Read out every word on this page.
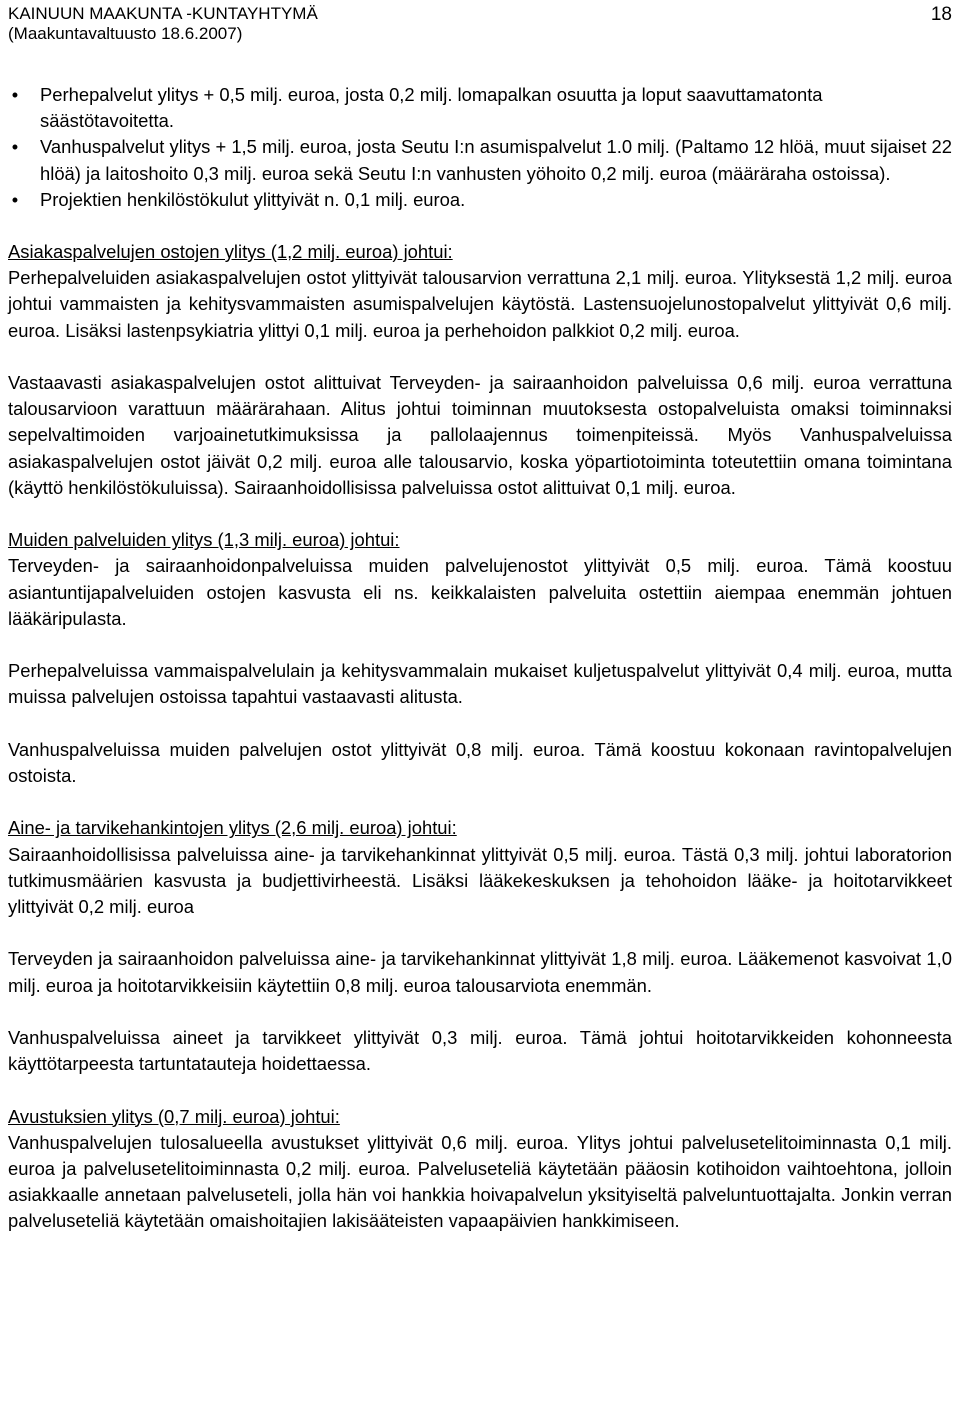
KAINUUN MAAKUNTA -KUNTAYHTYMÄ
(Maakuntavaltuusto 18.6.2007)
18
• Perhepalvelut ylitys + 0,5 milj. euroa, josta 0,2 milj. lomapalkan osuutta ja loput saavuttamatonta säästötavoitetta.
• Vanhuspalvelut ylitys + 1,5 milj. euroa, josta Seutu I:n asumispalvelut 1.0 milj. (Paltamo 12 hlöä, muut sijaiset 22 hlöä) ja laitoshoito 0,3 milj. euroa sekä Seutu I:n vanhusten yöhoito 0,2 milj. euroa (määräraha ostoissa).
• Projektien henkilöstökulut ylittyivät n. 0,1 milj. euroa.
Asiakaspalvelujen ostojen ylitys (1,2 milj. euroa) johtui:

Perhepalveluiden asiakaspalvelujen ostot ylittyivät talousarvion verrattuna 2,1 milj. euroa. Ylityksestä 1,2 milj. euroa johtui vammaisten ja kehitysvammaisten asumispalvelujen käytöstä. Lastensuojelunostopalvelut ylittyivät 0,6 milj. euroa. Lisäksi lastenpsykiatria ylittyi 0,1 milj. euroa ja perhehoidon palkkiot 0,2 milj. euroa.

Vastaavasti asiakaspalvelujen ostot alittuivat Terveyden- ja sairaanhoidon palveluissa 0,6 milj. euroa verrattuna talousarvioon varattuun määrärahaan. Alitus johtui toiminnan muutoksesta ostopalveluista omaksi toiminnaksi sepelvaltimoiden varjoainetutkimuksissa ja pallolaajennus toimenpiteissä. Myös Vanhuspalveluissa asiakaspalvelujen ostot jäivät 0,2 milj. euroa alle talousarvio, koska yöpartiotoiminta toteutettiin omana toimintana (käyttö henkilöstökuluissa). Sairaanhoidollisissa palveluissa ostot alittuivat 0,1 milj. euroa.

Muiden palveluiden ylitys (1,3 milj. euroa) johtui:

Terveyden- ja sairaanhoidonpalveluissa muiden palvelujenostot ylittyivät 0,5 milj. euroa. Tämä koostuu asiantuntijapalveluiden ostojen kasvusta eli ns. keikkalaisten palveluita ostettiin aiempaa enemmän johtuen lääkäripulasta.

Perhepalveluissa vammaispalvelulain ja kehitysvammalain mukaiset kuljetuspalvelut ylittyivät 0,4 milj. euroa, mutta muissa palvelujen ostoissa tapahtui vastaavasti alitusta.

Vanhuspalveluissa muiden palvelujen ostot ylittyivät 0,8 milj. euroa. Tämä koostuu kokonaan ravintopalvelujen ostoista.

Aine- ja tarvikehankintojen ylitys (2,6 milj. euroa) johtui:

Sairaanhoidollisissa palveluissa aine- ja tarvikehankinnat ylittyivät 0,5 milj. euroa. Tästä 0,3 milj. johtui laboratorion tutkimusmäärien kasvusta ja budjettivirheestä. Lisäksi lääkekeskuksen ja tehohoidon lääke- ja hoitotarvikkeet ylittyivät 0,2 milj. euroa

Terveyden ja sairaanhoidon palveluissa aine- ja tarvikehankinnat ylittyivät 1,8 milj. euroa. Lääkemenot kasvoivat 1,0 milj. euroa ja hoitotarvikkeisiin käytettiin 0,8 milj. euroa talousarviota enemmän.

Vanhuspalveluissa aineet ja tarvikkeet ylittyivät 0,3 milj. euroa. Tämä johtui hoitotarvikkeiden kohonneesta käyttötarpeesta tartuntatauteja hoidettaessa.

Avustuksien ylitys (0,7 milj. euroa) johtui:

Vanhuspalvelujen tulosalueella avustukset ylittyivät 0,6 milj. euroa. Ylitys johtui palvelusetelitoiminnasta 0,1 milj. euroa ja palvelusetelitoiminnasta 0,2 milj. euroa. Palveluseteliä käytetään pääosin kotihoidon vaihtoehtona, jolloin asiakkaalle annetaan palveluseteli, jolla hän voi hankkia hoivapalvelun yksityiseltä palveluntuottajalta. Jonkin verran palveluseteliä käytetään omaishoitajien lakisääteisten vapaapäivien hankkimiseen.
